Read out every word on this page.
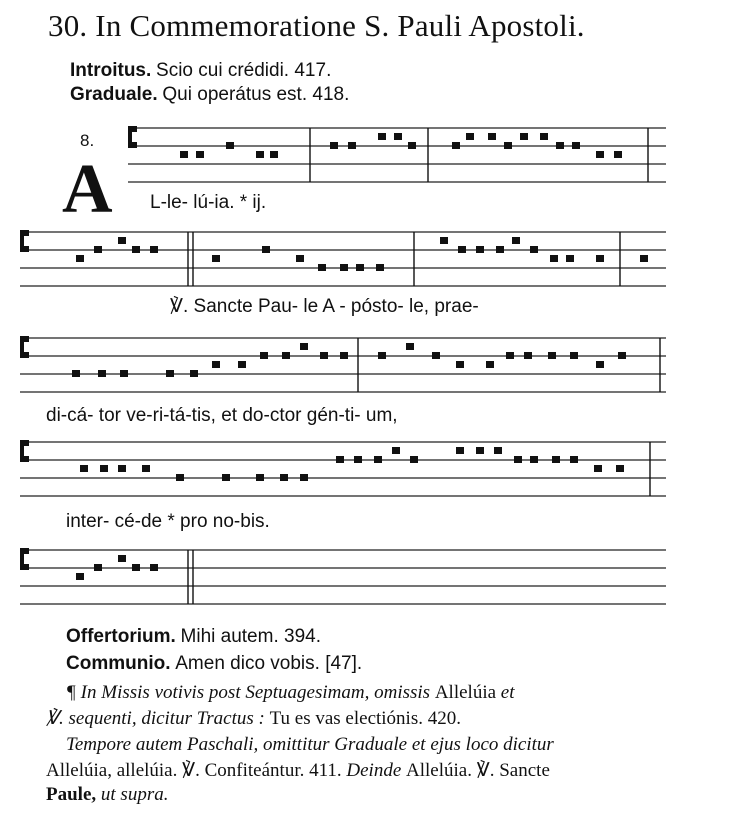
30. In Commemoratione S. Pauli Apostoli.
Introitus. Scio cui crédidi. 417.
Graduale. Qui operátus est. 418.
8.
A L-le- lú-ia. * ij.
℣. Sancte Pau- le A - pósto- le, prae-
di-cá- tor ve-ri-tá-tis, et do-ctor gén-ti- um,
inter- cé-de * pro no-bis.
Offertorium. Mihi autem. 394.
Communio. Amen dico vobis. [47].
¶ In Missis votivis post Septuagesimam, omissis Allelúia et
℣. sequenti, dicitur Tractus : Tu es vas electiónis. 420.
Tempore autem Paschali, omittitur Graduale et ejus loco dicitur
Allelúia, allelúia. ℣. Confiteántur. 411. Deinde Allelúia. ℣. Sancte
Paule, ut supra.
